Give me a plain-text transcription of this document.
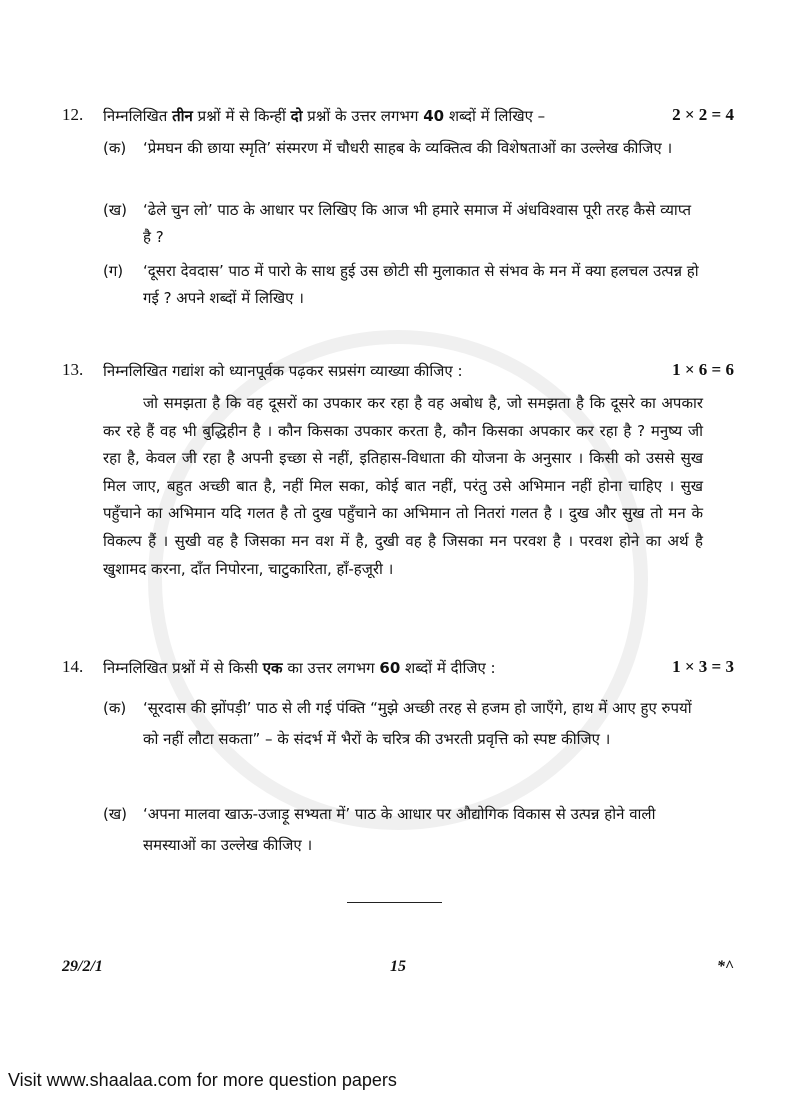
12. निम्नलिखित तीन प्रश्नों में से किन्हीं दो प्रश्नों के उत्तर लगभग 40 शब्दों में लिखिए –	2 × 2 = 4
(क) ‘प्रेमघन की छाया स्मृति’ संस्मरण में चौधरी साहब के व्यक्तित्व की विशेषताओं का उल्लेख कीजिए ।
(ख) ‘ढेले चुन लो’ पाठ के आधार पर लिखिए कि आज भी हमारे समाज में अंधविश्वास पूरी तरह कैसे व्याप्त है ?
(ग) ‘दूसरा देवदास’ पाठ में पारो के साथ हुई उस छोटी सी मुलाकात से संभव के मन में क्या हलचल उत्पन्न हो गई ? अपने शब्दों में लिखिए ।
13. निम्नलिखित गद्यांश को ध्यानपूर्वक पढ़कर सप्रसंग व्याख्या कीजिए :	1 × 6 = 6
जो समझता है कि वह दूसरों का उपकार कर रहा है वह अबोध है, जो समझता है कि दूसरे का अपकार कर रहे हैं वह भी बुद्धिहीन है । कौन किसका उपकार करता है, कौन किसका अपकार कर रहा है ? मनुष्य जी रहा है, केवल जी रहा है अपनी इच्छा से नहीं, इतिहास-विधाता की योजना के अनुसार । किसी को उससे सुख मिल जाए, बहुत अच्छी बात है, नहीं मिल सका, कोई बात नहीं, परंतु उसे अभिमान नहीं होना चाहिए । सुख पहुँचाने का अभिमान यदि गलत है तो दुख पहुँचाने का अभिमान तो नितरां गलत है । दुख और सुख तो मन के विकल्प हैं । सुखी वह है जिसका मन वश में है, दुखी वह है जिसका मन परवश है । परवश होने का अर्थ है खुशामद करना, दाँत निपोरना, चाटुकारिता, हाँ-हजूरी ।
14. निम्नलिखित प्रश्नों में से किसी एक का उत्तर लगभग 60 शब्दों में दीजिए :	1 × 3 = 3
(क) ‘सूरदास की झोंपड़ी’ पाठ से ली गई पंक्ति “मुझे अच्छी तरह से हजम हो जाएँगे, हाथ में आए हुए रुपयों को नहीं लौटा सकता” – के संदर्भ में भैरों के चरित्र की उभरती प्रवृत्ति को स्पष्ट कीजिए ।
(ख) ‘अपना मालवा खाऊ-उजाड़ू सभ्यता में’ पाठ के आधार पर औद्योगिक विकास से उत्पन्न होने वाली समस्याओं का उल्लेख कीजिए ।
29/2/1	15	*^
Visit www.shaalaa.com for more question papers
